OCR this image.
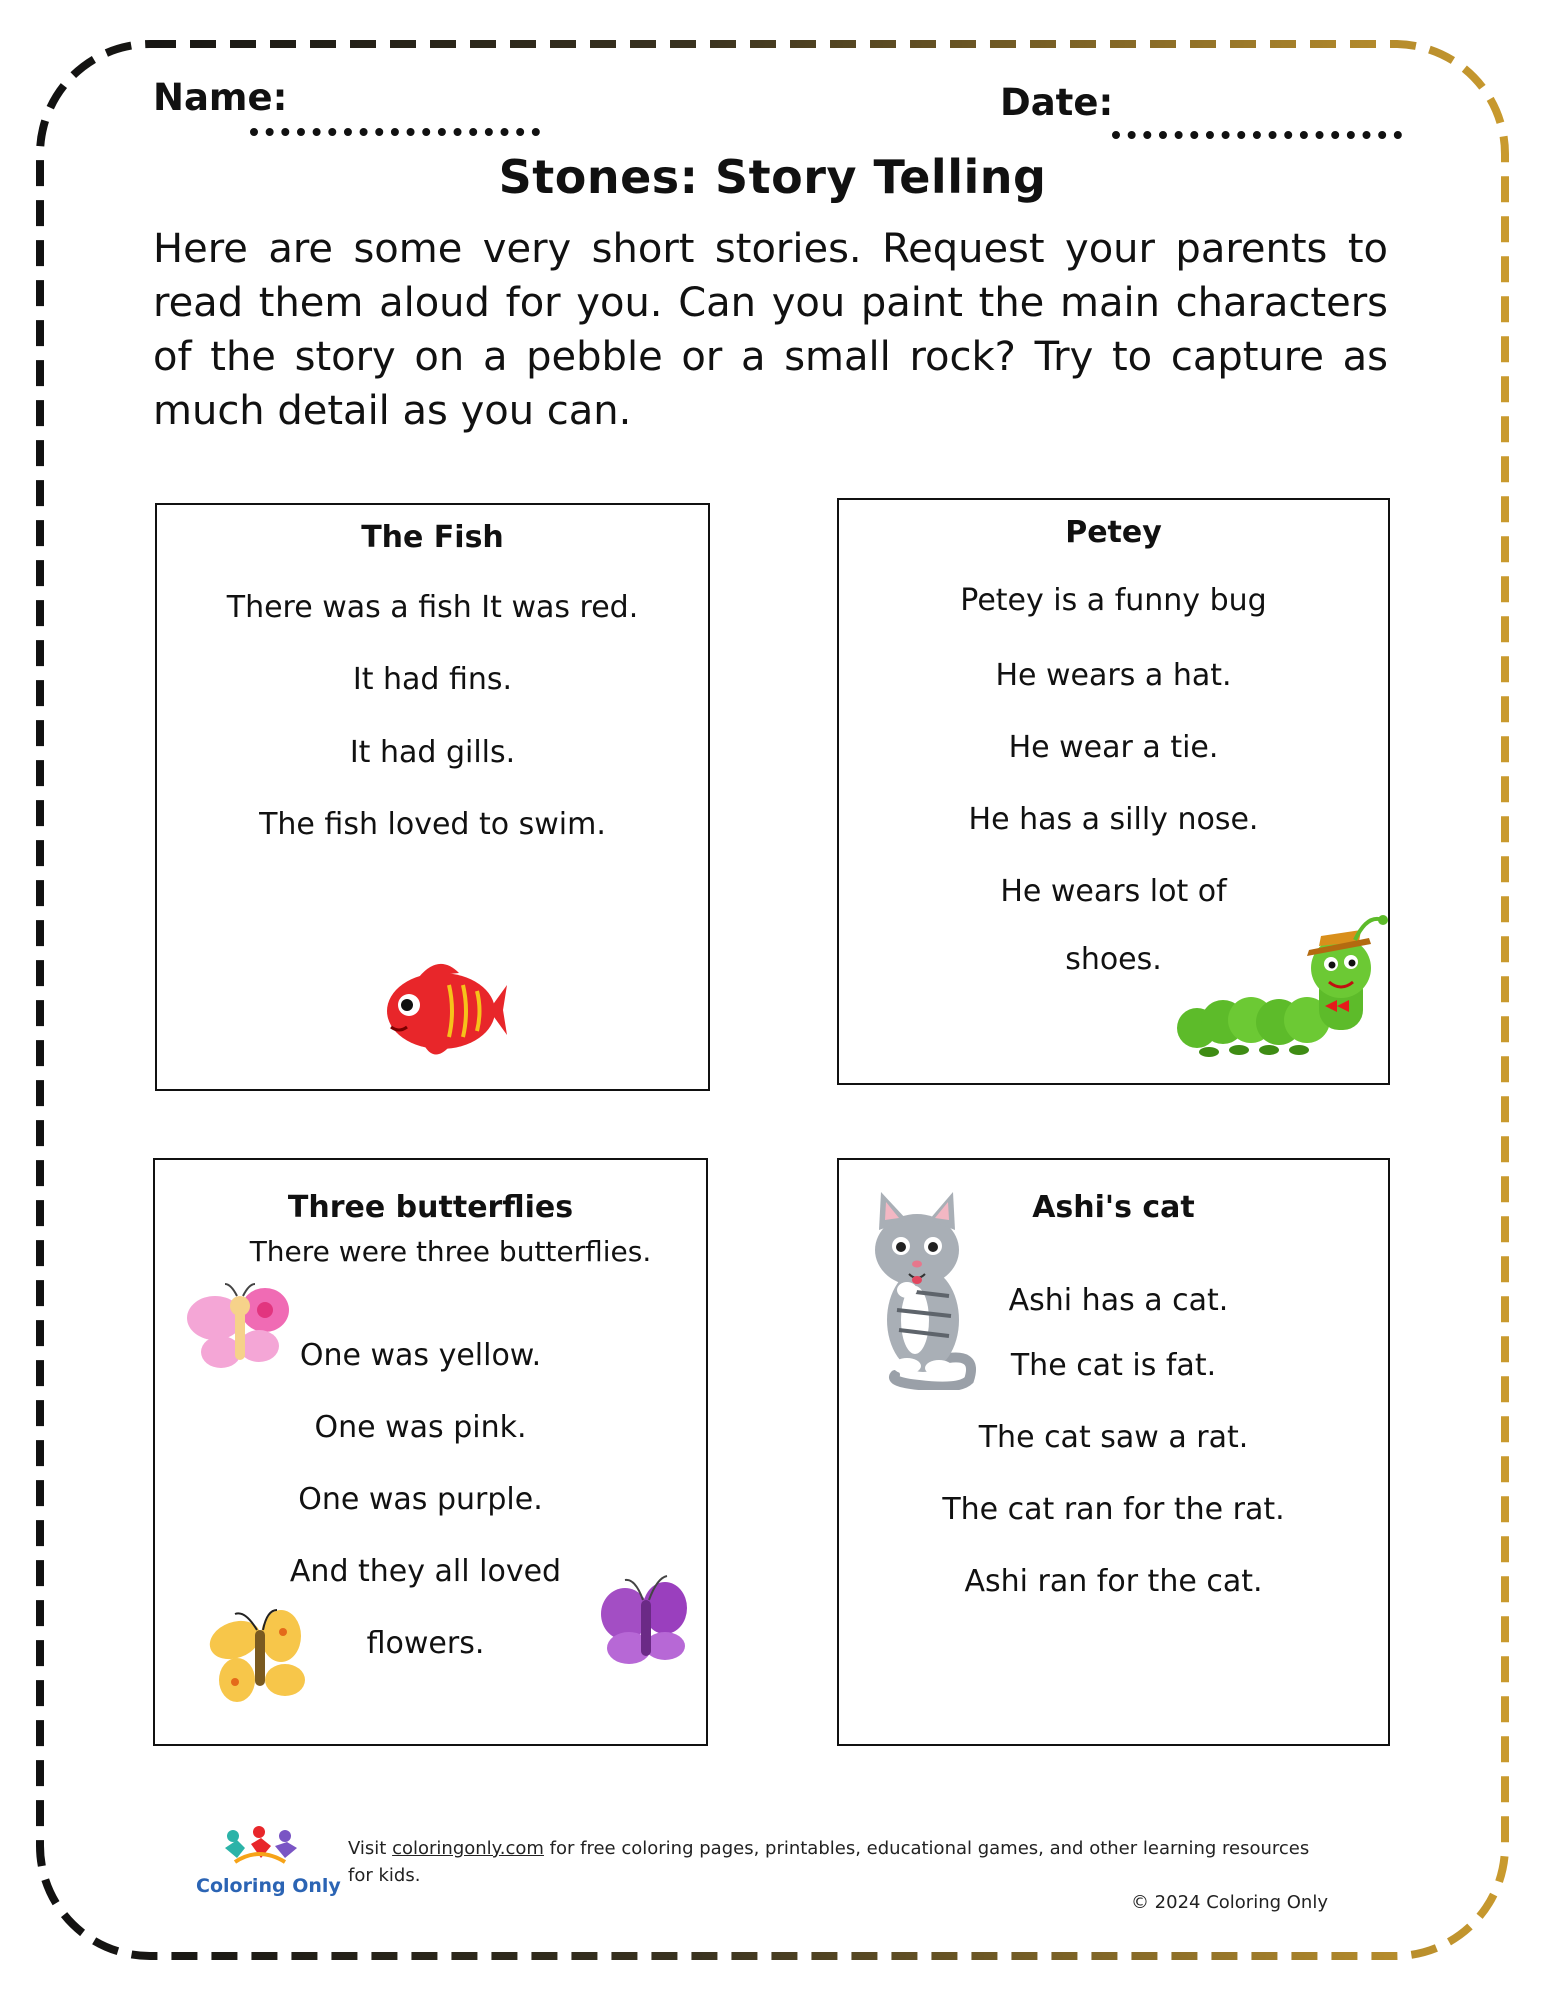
Name:	Date:
Stones: Story Telling
Here are some very short stories. Request your parents to read them aloud for you. Can you paint the main characters of the story on a pebble or a small rock? Try to capture as much detail as you can.
The Fish
There was a fish It was red.
It had fins.
It had gills.
The fish loved to swim.
Petey
Petey is a funny bug
He wears a hat.
He wear a tie.
He has a silly nose.
He wears lot of
shoes.
Three butterflies
There were three butterflies.
One was yellow.
One was pink.
One was purple.
And they all loved
flowers.
Ashi's cat
Ashi has a cat.
The cat is fat.
The cat saw a rat.
The cat ran for the rat.
Ashi ran for the cat.
Coloring Only
Visit coloringonly.com for free coloring pages, printables, educational games, and other learning resources for kids.
© 2024 Coloring Only
